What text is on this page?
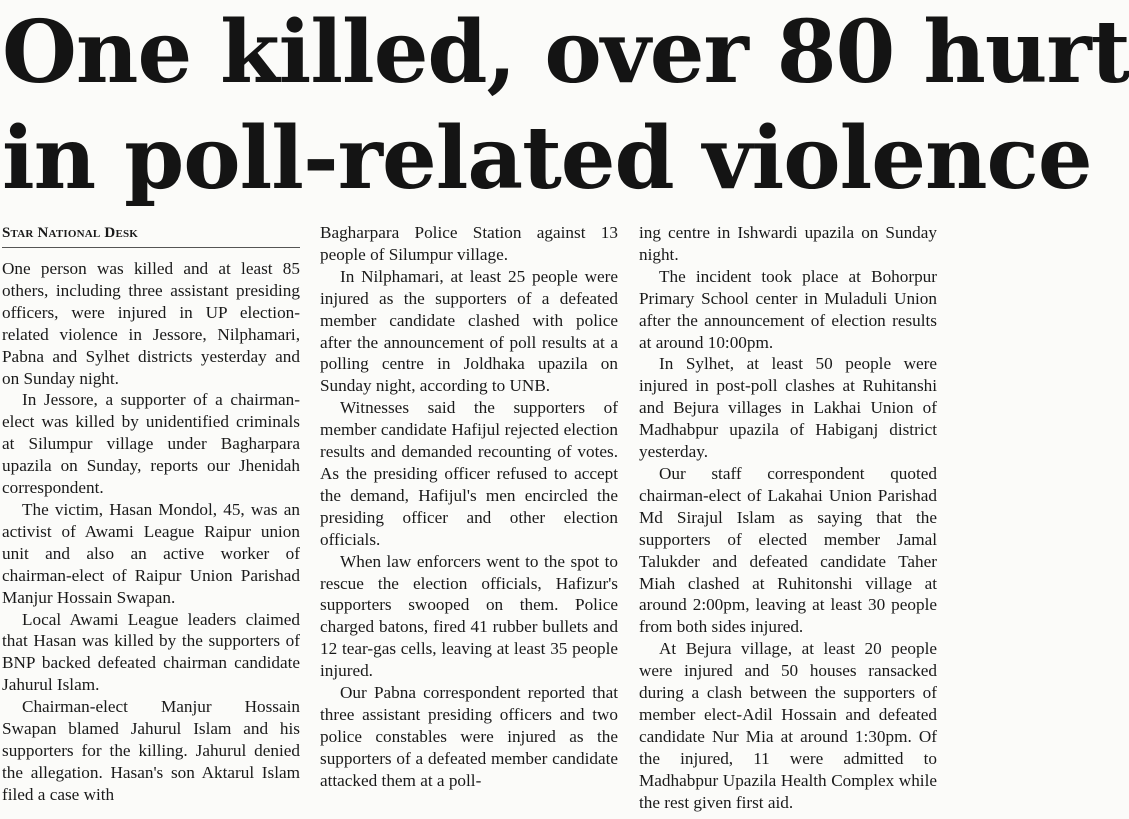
One killed, over 80 hurt
in poll-related violence
Star National Desk

One person was killed and at least 85 others, including three assistant presiding officers, were injured in UP election-related violence in Jessore, Nilphamari, Pabna and Sylhet districts yesterday and on Sunday night.

In Jessore, a supporter of a chairman-elect was killed by unidentified criminals at Silumpur village under Bagharpara upazila on Sunday, reports our Jhenidah correspondent.

The victim, Hasan Mondol, 45, was an activist of Awami League Raipur union unit and also an active worker of chairman-elect of Raipur Union Parishad Manjur Hossain Swapan.

Local Awami League leaders claimed that Hasan was killed by the supporters of BNP backed defeated chairman candidate Jahurul Islam.

Chairman-elect Manjur Hossain Swapan blamed Jahurul Islam and his supporters for the killing. Jahurul denied the allegation. Hasan's son Aktarul Islam filed a case with

Bagharpara Police Station against 13 people of Silumpur village.

In Nilphamari, at least 25 people were injured as the supporters of a defeated member candidate clashed with police after the announcement of poll results at a polling centre in Joldhaka upazila on Sunday night, according to UNB.

Witnesses said the supporters of member candidate Hafijul rejected election results and demanded recounting of votes. As the presiding officer refused to accept the demand, Hafijul's men encircled the presiding officer and other election officials.

When law enforcers went to the spot to rescue the election officials, Hafizur's supporters swooped on them. Police charged batons, fired 41 rubber bullets and 12 tear-gas cells, leaving at least 35 people injured.

Our Pabna correspondent reported that three assistant presiding officers and two police constables were injured as the supporters of a defeated member candidate attacked them at a poll-

ing centre in Ishwardi upazila on Sunday night.

The incident took place at Bohorpur Primary School center in Muladuli Union after the announcement of election results at around 10:00pm.

In Sylhet, at least 50 people were injured in post-poll clashes at Ruhitanshi and Bejura villages in Lakhai Union of Madhabpur upazila of Habiganj district yesterday.

Our staff correspondent quoted chairman-elect of Lakahai Union Parishad Md Sirajul Islam as saying that the supporters of elected member Jamal Talukder and defeated candidate Taher Miah clashed at Ruhitonshi village at around 2:00pm, leaving at least 30 people from both sides injured.

At Bejura village, at least 20 people were injured and 50 houses ransacked during a clash between the supporters of member elect-Adil Hossain and defeated candidate Nur Mia at around 1:30pm. Of the injured, 11 were admitted to Madhabpur Upazila Health Complex while the rest given first aid.
